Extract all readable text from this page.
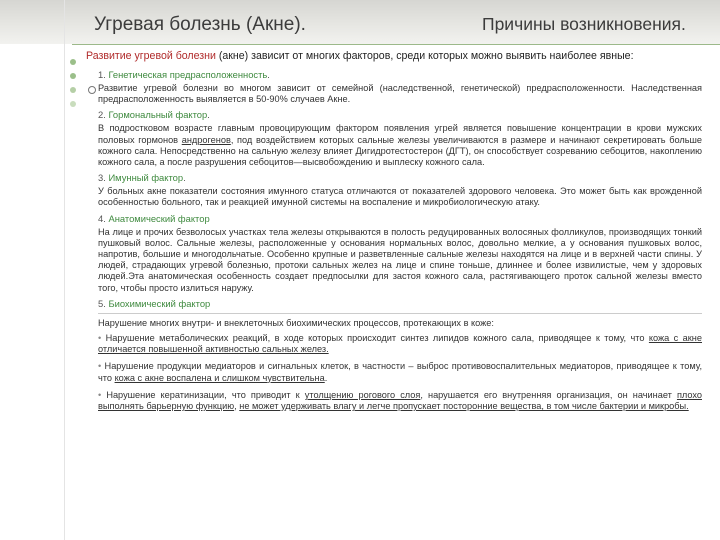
Угревая болезнь (Акне).	Причины возникновения.

Развитие угревой болезни (акне) зависит от многих факторов, среди которых можно выявить наиболее явные:

1. Генетическая предрасположенность.

Развитие угревой болезни во многом зависит от семейной (наследственной, генетической) предрасположенности. Наследственная предрасположенность выявляется в 50-90% случаев Акне.

2. Гормональный фактор.

В подростковом возрасте главным провоцирующим фактором появления угрей является повышение концентрации в крови мужских половых гормонов андрогенов, под воздействием которых сальные железы увеличиваются в размере и начинают секретировать больше кожного сала. Непосредственно на сальную железу влияет Дигидротестостерон (ДГТ), он способствует созреванию себоцитов, накоплению кожного сала, а после разрушения себоцитов—высвобождению и выплеску кожного сала.

3. Имунный фактор.

У больных акне показатели состояния имунного статуса отличаются от показателей здорового человека. Это может быть как врожденной особенностью больного, так и реакцией имунной системы на воспаление и микробиологическую атаку.

4. Анатомический фактор

На лице и прочих безволосых участках тела железы открываются в полость редуцированных волосяных фолликулов, производящих тонкий пушковый волос. Сальные железы, расположенные у основания нормальных волос, довольно мелкие, а у основания пушковых волос, напротив, большие и многодольчатые. Особенно крупные и разветвленные сальные железы находятся на лице и в верхней части спины. У людей, страдающих угревой болезнью, протоки сальных желез на лице и спине тоньше, длиннее и более извилистые, чем у здоровых людей.Эта анатомическая особенность создает предпосылки для застоя кожного сала, растягивающего проток сальной железы вместо того, чтобы просто излиться наружу.

5. Биохимический фактор

Нарушение многих внутри- и внеклеточных биохимических процессов, протекающих в коже:

• Нарушение метаболических реакций, в ходе которых происходит синтез липидов кожного сала, приводящее к тому, что кожа с акне отличается повышенной активностью сальных желез.

• Нарушение продукции медиаторов и сигнальных клеток, в частности – выброс противовоспалительных медиаторов, приводящее к тому, что кожа с акне воспалена и слишком чувствительна.

• Нарушение кератинизации, что приводит к утолщению рогового слоя, нарушается его внутренняя организация, он начинает плохо выполнять барьерную функцию, не может удерживать влагу и легче пропускает посторонние вещества, в том числе бактерии и микробы.
